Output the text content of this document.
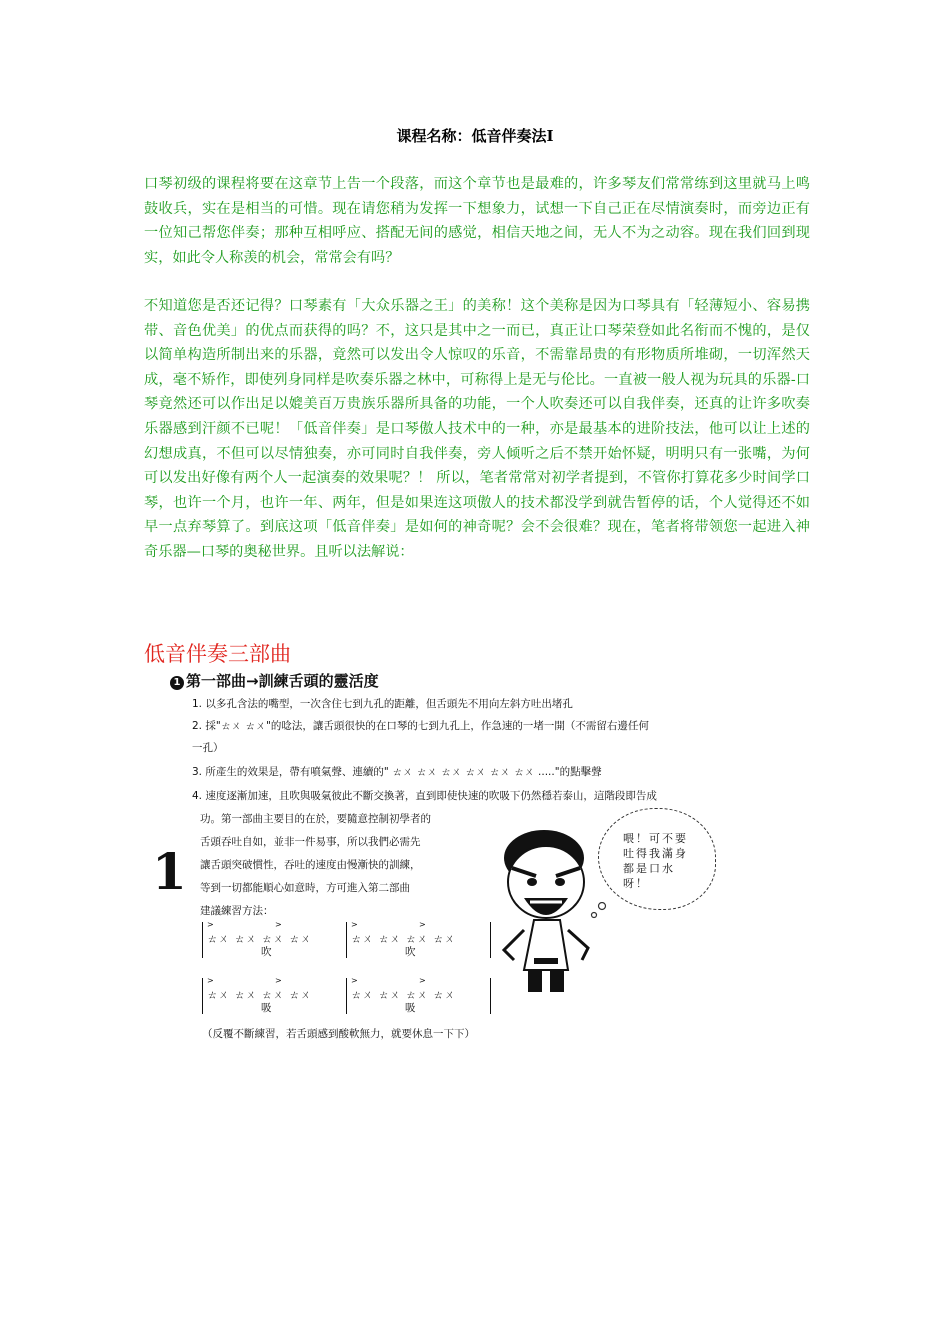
课程名称：低音伴奏法Ⅰ

口琴初级的课程将要在这章节上告一个段落，而这个章节也是最难的，许多琴友们常常练到这里就马上鸣鼓收兵，实在是相当的可惜。现在请您稍为发挥一下想象力，试想一下自己正在尽情演奏时，而旁边正有一位知己帮您伴奏；那种互相呼应、搭配无间的感觉，相信天地之间，无人不为之动容。现在我们回到现实，如此令人称羡的机会，常常会有吗？

不知道您是否还记得？口琴素有「大众乐器之王」的美称！这个美称是因为口琴具有「轻薄短小、容易携带、音色优美」的优点而获得的吗？不，这只是其中之一而已，真正让口琴荣登如此名衔而不愧的，是仅以简单构造所制出来的乐器，竟然可以发出令人惊叹的乐音，不需靠昂贵的有形物质所堆砌，一切浑然天成，毫不矫作，即使列身同样是吹奏乐器之林中，可称得上是无与伦比。一直被一般人视为玩具的乐器-口琴竟然还可以作出足以媲美百万贵族乐器所具备的功能，一个人吹奏还可以自我伴奏，还真的让许多吹奏乐器感到汗颜不已呢！「低音伴奏」是口琴傲人技术中的一种，亦是最基本的进阶技法，他可以让上述的幻想成真，不但可以尽情独奏，亦可同时自我伴奏，旁人倾听之后不禁开始怀疑，明明只有一张嘴，为何可以发出好像有两个人一起演奏的效果呢？！ 所以，笔者常常对初学者提到，不管你打算花多少时间学口琴，也许一个月，也许一年、两年，但是如果连这项傲人的技术都没学到就告暂停的话，个人觉得还不如早一点弃琴算了。到底这项「低音伴奏」是如何的神奇呢？会不会很难？现在，笔者将带领您一起进入神奇乐器—口琴的奥秘世界。且听以法解说：

低音伴奏三部曲
1 第一部曲→訓練舌頭的靈活度
1. 以多孔含法的嘴型，一次含住七到九孔的距離，但舌頭先不用向左斜方吐出堵孔
2. 採"ㄊㄨ ㄊㄨ"的唸法，讓舌頭很快的在口琴的七到九孔上，作急速的一堵一開（不需留右邊任何
一孔）
3. 所產生的效果是，帶有噴氣聲、連續的" ㄊㄨ ㄊㄨ ㄊㄨ ㄊㄨ ㄊㄨ ㄊㄨ ....."的點擊聲
4. 速度逐漸加速，且吹與吸氣彼此不斷交換著，直到即使快速的吹吸下仍然穩若泰山，這階段即告成
功。第一部曲主要目的在於，要隨意控制初學者的
舌頭吞吐自如，並非一件易事，所以我們必需先
讓舌頭突破慣性，吞吐的速度由慢漸快的訓練，
等到一切都能順心如意時，方可進入第二部曲
建議練習方法：
1
>	>
ㄊㄨ ㄊㄨ ㄊㄨ ㄊㄨ
吹
>	>
ㄊㄨ ㄊㄨ ㄊㄨ ㄊㄨ
吹
>	>
ㄊㄨ ㄊㄨ ㄊㄨ ㄊㄨ
吸
>	>
ㄊㄨ ㄊㄨ ㄊㄨ ㄊㄨ
吸
（反覆不斷練習，若舌頭感到酸軟無力，就要休息一下下）
喂！可不要吐得我滿身都是口水呀！
